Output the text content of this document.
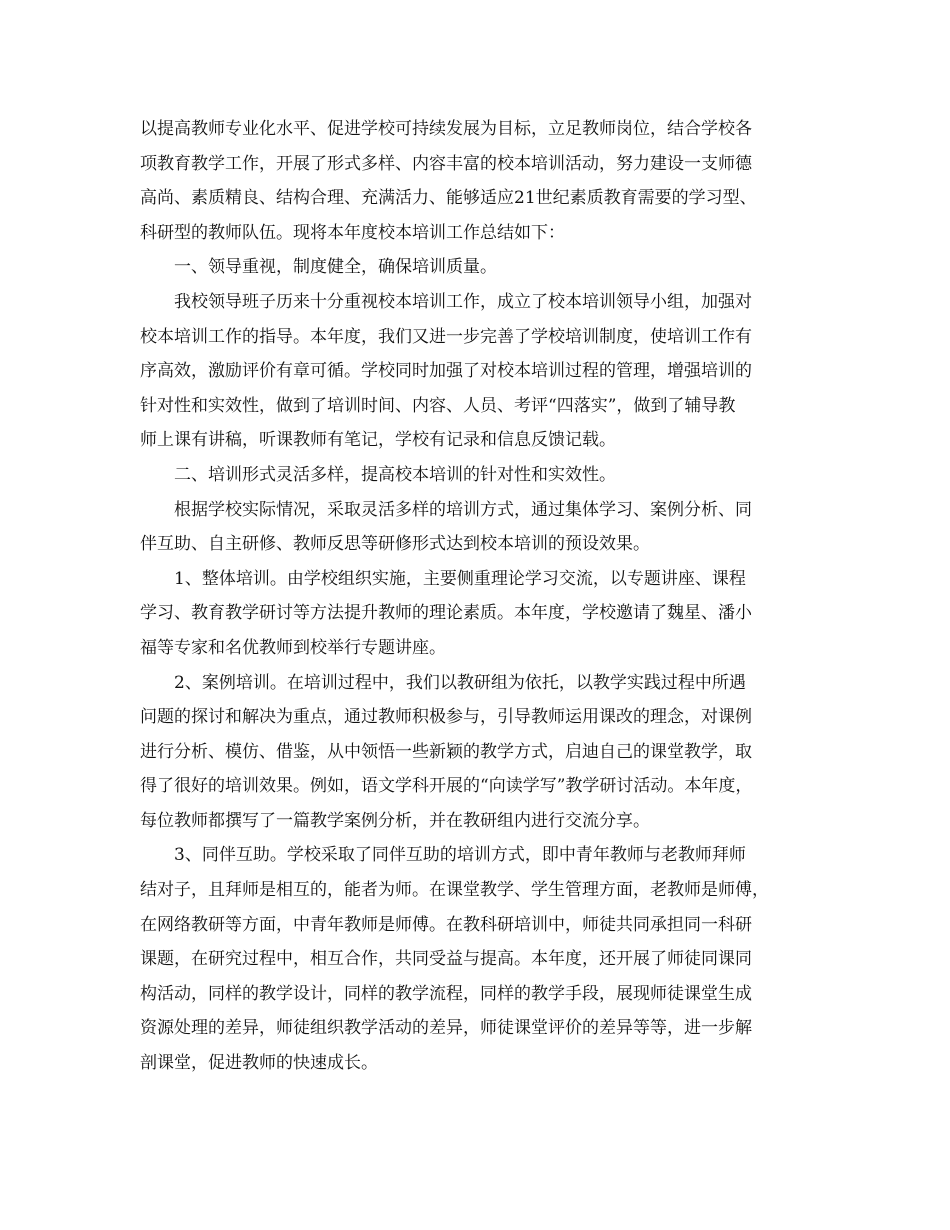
以提高教师专业化水平、促进学校可持续发展为目标，立足教师岗位，结合学校各
项教育教学工作，开展了形式多样、内容丰富的校本培训活动，努力建设一支师德
高尚、素质精良、结构合理、充满活力、能够适应21世纪素质教育需要的学习型、
科研型的教师队伍。现将本年度校本培训工作总结如下：
一、领导重视，制度健全，确保培训质量。
我校领导班子历来十分重视校本培训工作，成立了校本培训领导小组，加强对
校本培训工作的指导。本年度，我们又进一步完善了学校培训制度，使培训工作有
序高效，激励评价有章可循。学校同时加强了对校本培训过程的管理，增强培训的
针对性和实效性，做到了培训时间、内容、人员、考评“四落实”，做到了辅导教
师上课有讲稿，听课教师有笔记，学校有记录和信息反馈记载。
二、培训形式灵活多样，提高校本培训的针对性和实效性。
根据学校实际情况，采取灵活多样的培训方式，通过集体学习、案例分析、同
伴互助、自主研修、教师反思等研修形式达到校本培训的预设效果。
1、整体培训。由学校组织实施，主要侧重理论学习交流，以专题讲座、课程
学习、教育教学研讨等方法提升教师的理论素质。本年度，学校邀请了魏星、潘小
福等专家和名优教师到校举行专题讲座。
2、案例培训。在培训过程中，我们以教研组为依托，以教学实践过程中所遇
问题的探讨和解决为重点，通过教师积极参与，引导教师运用课改的理念，对课例
进行分析、模仿、借鉴，从中领悟一些新颖的教学方式，启迪自己的课堂教学，取
得了很好的培训效果。例如，语文学科开展的“向读学写”教学研讨活动。本年度，
每位教师都撰写了一篇教学案例分析，并在教研组内进行交流分享。
3、同伴互助。学校采取了同伴互助的培训方式，即中青年教师与老教师拜师
结对子，且拜师是相互的，能者为师。在课堂教学、学生管理方面，老教师是师傅，
在网络教研等方面，中青年教师是师傅。在教科研培训中，师徒共同承担同一科研
课题，在研究过程中，相互合作，共同受益与提高。本年度，还开展了师徒同课同
构活动，同样的教学设计，同样的教学流程，同样的教学手段，展现师徒课堂生成
资源处理的差异，师徒组织教学活动的差异，师徒课堂评价的差异等等，进一步解
剖课堂，促进教师的快速成长。
